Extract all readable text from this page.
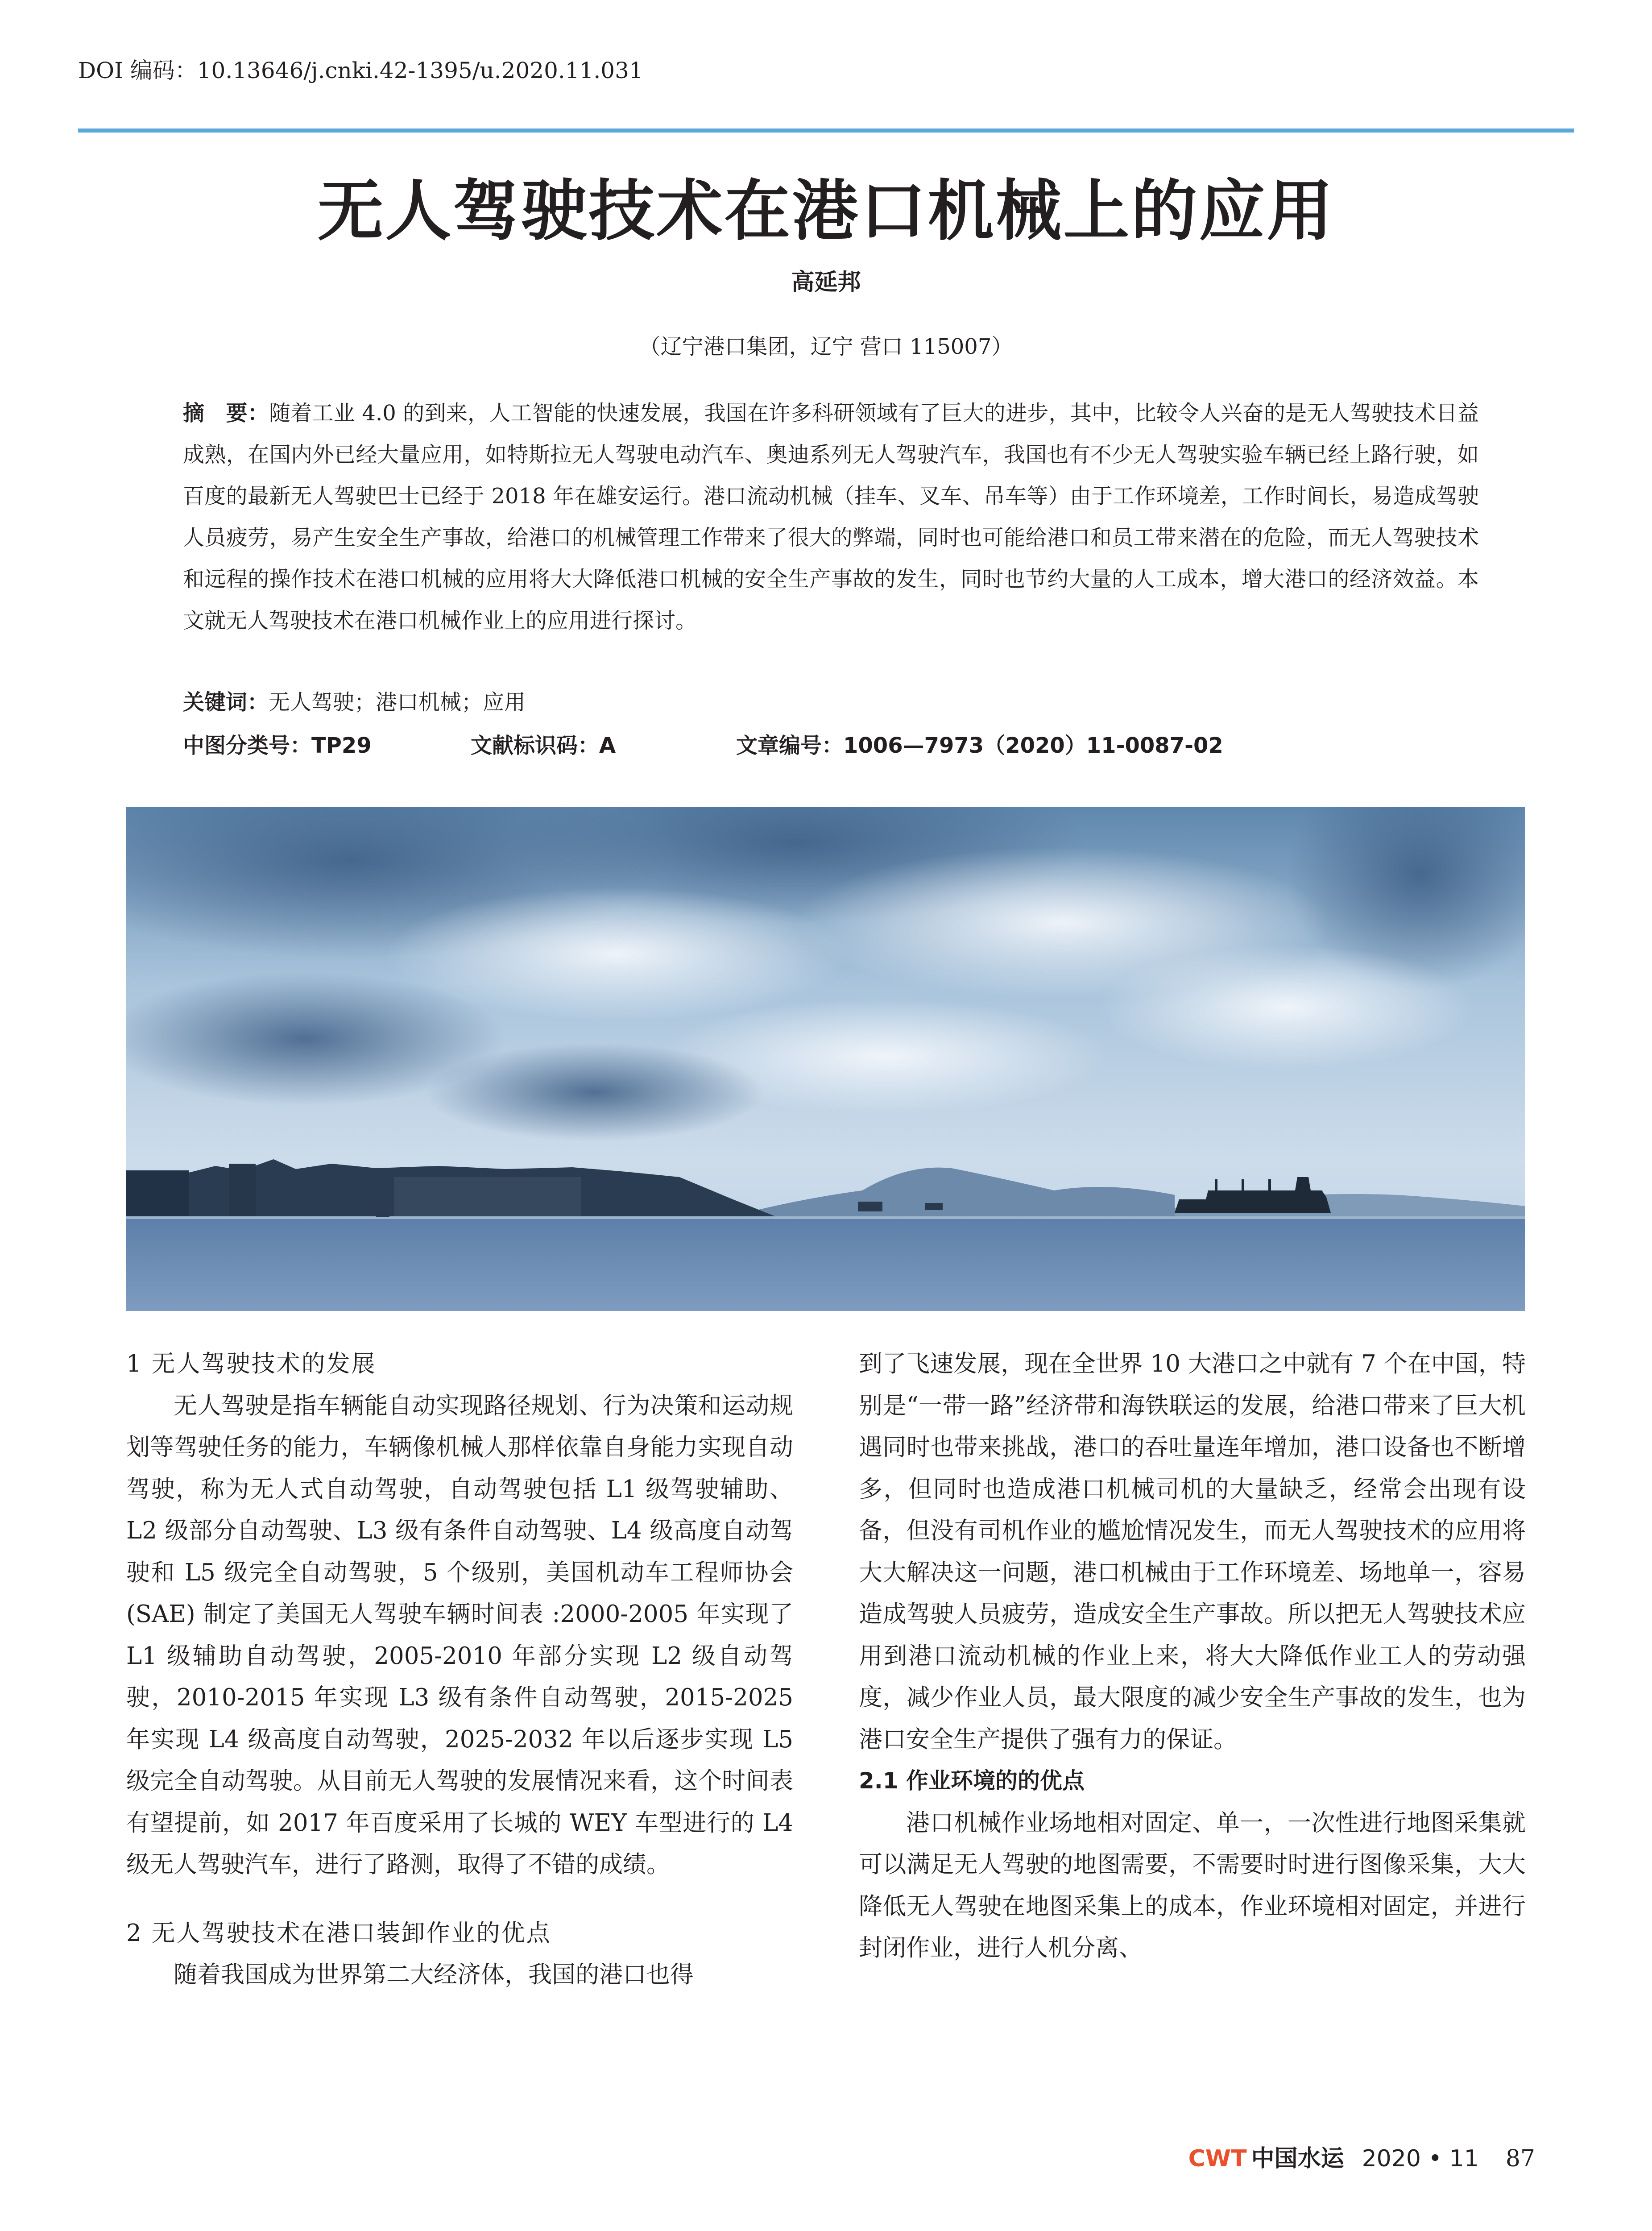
DOI 编码：10.13646/j.cnki.42-1395/u.2020.11.031
无人驾驶技术在港口机械上的应用
高延邦
（辽宁港口集团，辽宁 营口 115007）
摘　要：随着工业 4.0 的到来，人工智能的快速发展，我国在许多科研领域有了巨大的进步，其中，比较令人兴奋的是无人驾驶技术日益成熟，在国内外已经大量应用，如特斯拉无人驾驶电动汽车、奥迪系列无人驾驶汽车，我国也有不少无人驾驶实验车辆已经上路行驶，如百度的最新无人驾驶巴士已经于 2018 年在雄安运行。港口流动机械（挂车、叉车、吊车等）由于工作环境差，工作时间长，易造成驾驶人员疲劳，易产生安全生产事故，给港口的机械管理工作带来了很大的弊端，同时也可能给港口和员工带来潜在的危险，而无人驾驶技术和远程的操作技术在港口机械的应用将大大降低港口机械的安全生产事故的发生，同时也节约大量的人工成本，增大港口的经济效益。本文就无人驾驶技术在港口机械作业上的应用进行探讨。
关键词：无人驾驶；港口机械；应用
中图分类号：TP29	文献标识码：A	文章编号：1006—7973（2020）11-0087-02
1 无人驾驶技术的发展

无人驾驶是指车辆能自动实现路径规划、行为决策和运动规划等驾驶任务的能力，车辆像机械人那样依靠自身能力实现自动驾驶，称为无人式自动驾驶，自动驾驶包括 L1 级驾驶辅助、L2 级部分自动驾驶、L3 级有条件自动驾驶、L4 级高度自动驾驶和 L5 级完全自动驾驶，5 个级别，美国机动车工程师协会 (SAE) 制定了美国无人驾驶车辆时间表 :2000-2005 年实现了 L1 级辅助自动驾驶，2005-2010 年部分实现 L2 级自动驾驶，2010-2015 年实现 L3 级有条件自动驾驶，2015-2025 年实现 L4 级高度自动驾驶，2025-2032 年以后逐步实现 L5 级完全自动驾驶。从目前无人驾驶的发展情况来看，这个时间表有望提前，如 2017 年百度采用了长城的 WEY 车型进行的 L4 级无人驾驶汽车，进行了路测，取得了不错的成绩。

2 无人驾驶技术在港口装卸作业的优点

随着我国成为世界第二大经济体，我国的港口也得

到了飞速发展，现在全世界 10 大港口之中就有 7 个在中国，特别是“一带一路”经济带和海铁联运的发展，给港口带来了巨大机遇同时也带来挑战，港口的吞吐量连年增加，港口设备也不断增多，但同时也造成港口机械司机的大量缺乏，经常会出现有设备，但没有司机作业的尴尬情况发生，而无人驾驶技术的应用将大大解决这一问题，港口机械由于工作环境差、场地单一，容易造成驾驶人员疲劳，造成安全生产事故。所以把无人驾驶技术应用到港口流动机械的作业上来，将大大降低作业工人的劳动强度，减少作业人员，最大限度的减少安全生产事故的发生，也为港口安全生产提供了强有力的保证。

2.1 作业环境的的优点

港口机械作业场地相对固定、单一，一次性进行地图采集就可以满足无人驾驶的地图需要，不需要时时进行图像采集，大大降低无人驾驶在地图采集上的成本，作业环境相对固定，并进行封闭作业，进行人机分离、

CWT 中国水运 2020 • 11 87
